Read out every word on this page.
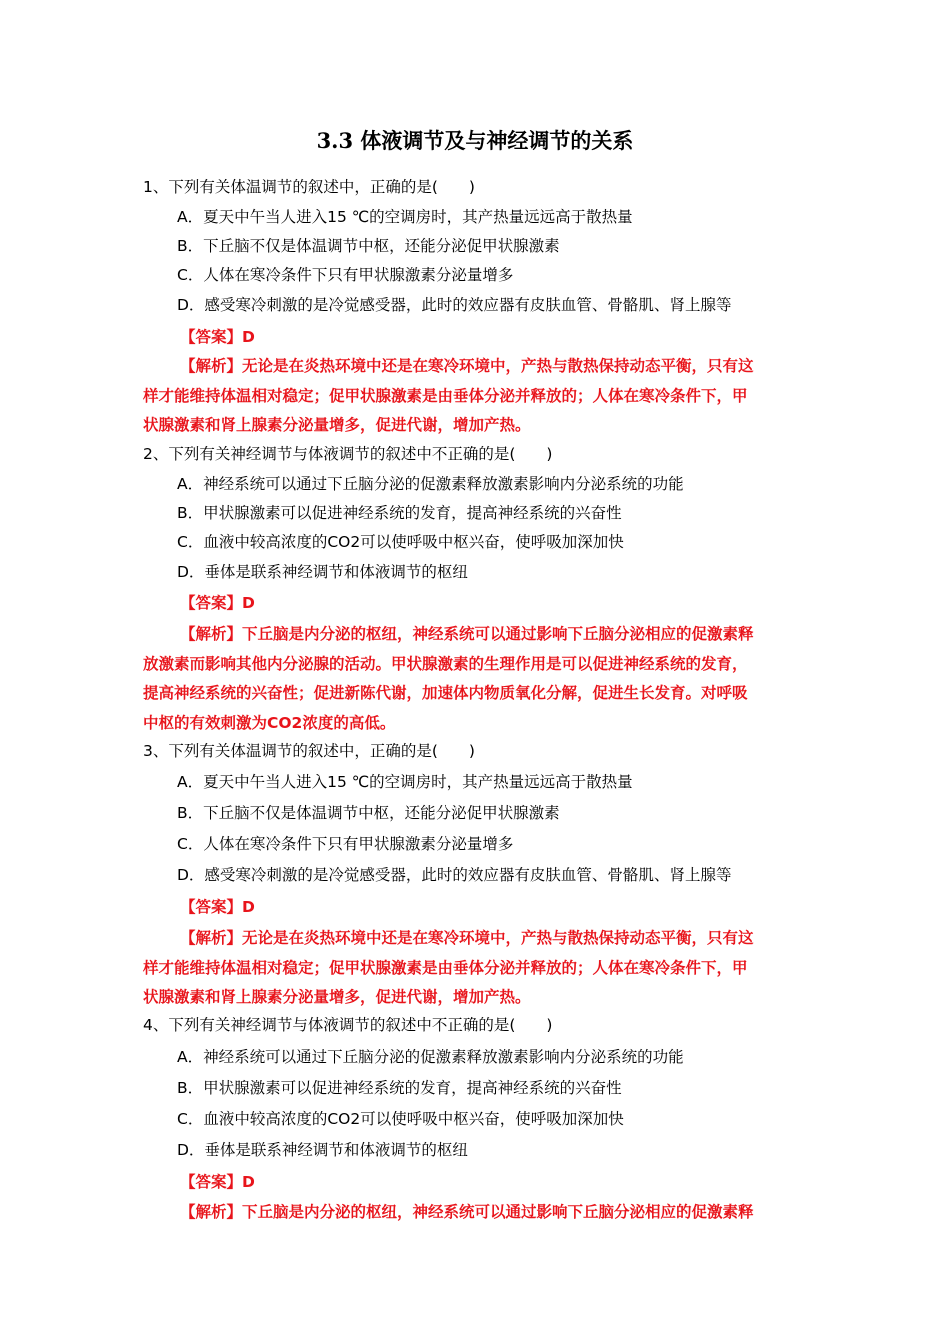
3.3 体液调节及与神经调节的关系
1、下列有关体温调节的叙述中，正确的是(　　)
A．夏天中午当人进入15 ℃的空调房时，其产热量远远高于散热量
B．下丘脑不仅是体温调节中枢，还能分泌促甲状腺激素
C．人体在寒冷条件下只有甲状腺激素分泌量增多
D．感受寒冷刺激的是冷觉感受器，此时的效应器有皮肤血管、骨骼肌、肾上腺等
【答案】D
【解析】无论是在炎热环境中还是在寒冷环境中，产热与散热保持动态平衡，只有这
样才能维持体温相对稳定；促甲状腺激素是由垂体分泌并释放的；人体在寒冷条件下，甲
状腺激素和肾上腺素分泌量增多，促进代谢，增加产热。
2、下列有关神经调节与体液调节的叙述中不正确的是(　　)
A．神经系统可以通过下丘脑分泌的促激素释放激素影响内分泌系统的功能
B．甲状腺激素可以促进神经系统的发育，提高神经系统的兴奋性
C．血液中较高浓度的CO2可以使呼吸中枢兴奋，使呼吸加深加快
D．垂体是联系神经调节和体液调节的枢纽
【答案】D
【解析】下丘脑是内分泌的枢纽，神经系统可以通过影响下丘脑分泌相应的促激素释
放激素而影响其他内分泌腺的活动。甲状腺激素的生理作用是可以促进神经系统的发育，
提高神经系统的兴奋性；促进新陈代谢，加速体内物质氧化分解，促进生长发育。对呼吸
中枢的有效刺激为CO2浓度的高低。
3、下列有关体温调节的叙述中，正确的是(　　)
A．夏天中午当人进入15 ℃的空调房时，其产热量远远高于散热量
B．下丘脑不仅是体温调节中枢，还能分泌促甲状腺激素
C．人体在寒冷条件下只有甲状腺激素分泌量增多
D．感受寒冷刺激的是冷觉感受器，此时的效应器有皮肤血管、骨骼肌、肾上腺等
【答案】D
【解析】无论是在炎热环境中还是在寒冷环境中，产热与散热保持动态平衡，只有这
样才能维持体温相对稳定；促甲状腺激素是由垂体分泌并释放的；人体在寒冷条件下，甲
状腺激素和肾上腺素分泌量增多，促进代谢，增加产热。
4、下列有关神经调节与体液调节的叙述中不正确的是(　　)
A．神经系统可以通过下丘脑分泌的促激素释放激素影响内分泌系统的功能
B．甲状腺激素可以促进神经系统的发育，提高神经系统的兴奋性
C．血液中较高浓度的CO2可以使呼吸中枢兴奋，使呼吸加深加快
D．垂体是联系神经调节和体液调节的枢纽
【答案】D
【解析】下丘脑是内分泌的枢纽，神经系统可以通过影响下丘脑分泌相应的促激素释
